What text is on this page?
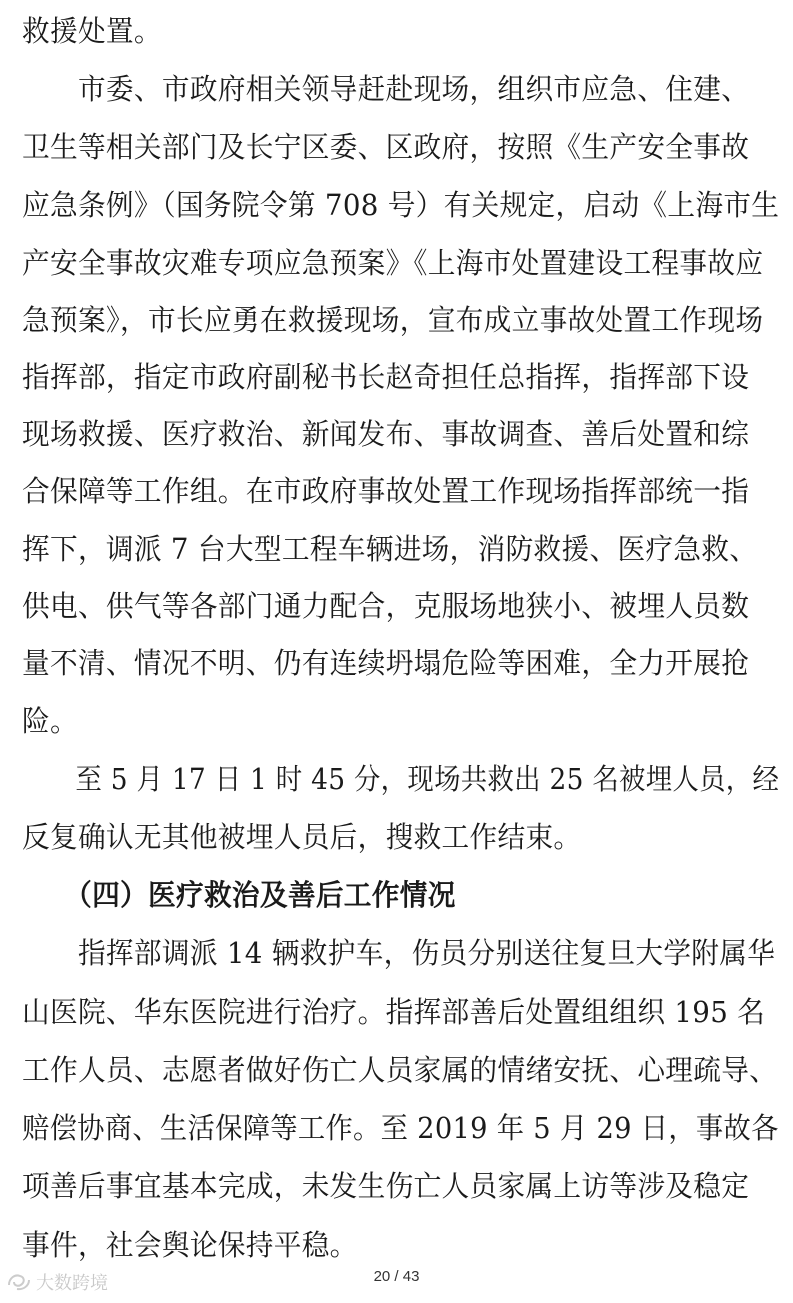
救援处置。
　　市委、市政府相关领导赶赴现场，组织市应急、住建、
卫生等相关部门及长宁区委、区政府，按照《生产安全事故
应急条例》（国务院令第 708 号）有关规定，启动《上海市生
产安全事故灾难专项应急预案》《上海市处置建设工程事故应
急预案》，市长应勇在救援现场，宣布成立事故处置工作现场
指挥部，指定市政府副秘书长赵奇担任总指挥，指挥部下设
现场救援、医疗救治、新闻发布、事故调查、善后处置和综
合保障等工作组。在市政府事故处置工作现场指挥部统一指
挥下，调派 7 台大型工程车辆进场，消防救援、医疗急救、
供电、供气等各部门通力配合，克服场地狭小、被埋人员数
量不清、情况不明、仍有连续坍塌危险等困难，全力开展抢
险。
　　至 5 月 17 日 1 时 45 分，现场共救出 25 名被埋人员，经
反复确认无其他被埋人员后，搜救工作结束。
　　（四）医疗救治及善后工作情况
　　指挥部调派 14 辆救护车，伤员分别送往复旦大学附属华
山医院、华东医院进行治疗。指挥部善后处置组组织 195 名
工作人员、志愿者做好伤亡人员家属的情绪安抚、心理疏导、
赔偿协商、生活保障等工作。至 2019 年 5 月 29 日，事故各
项善后事宜基本完成，未发生伤亡人员家属上访等涉及稳定
事件，社会舆论保持平稳。
大数跨境	20 / 43
